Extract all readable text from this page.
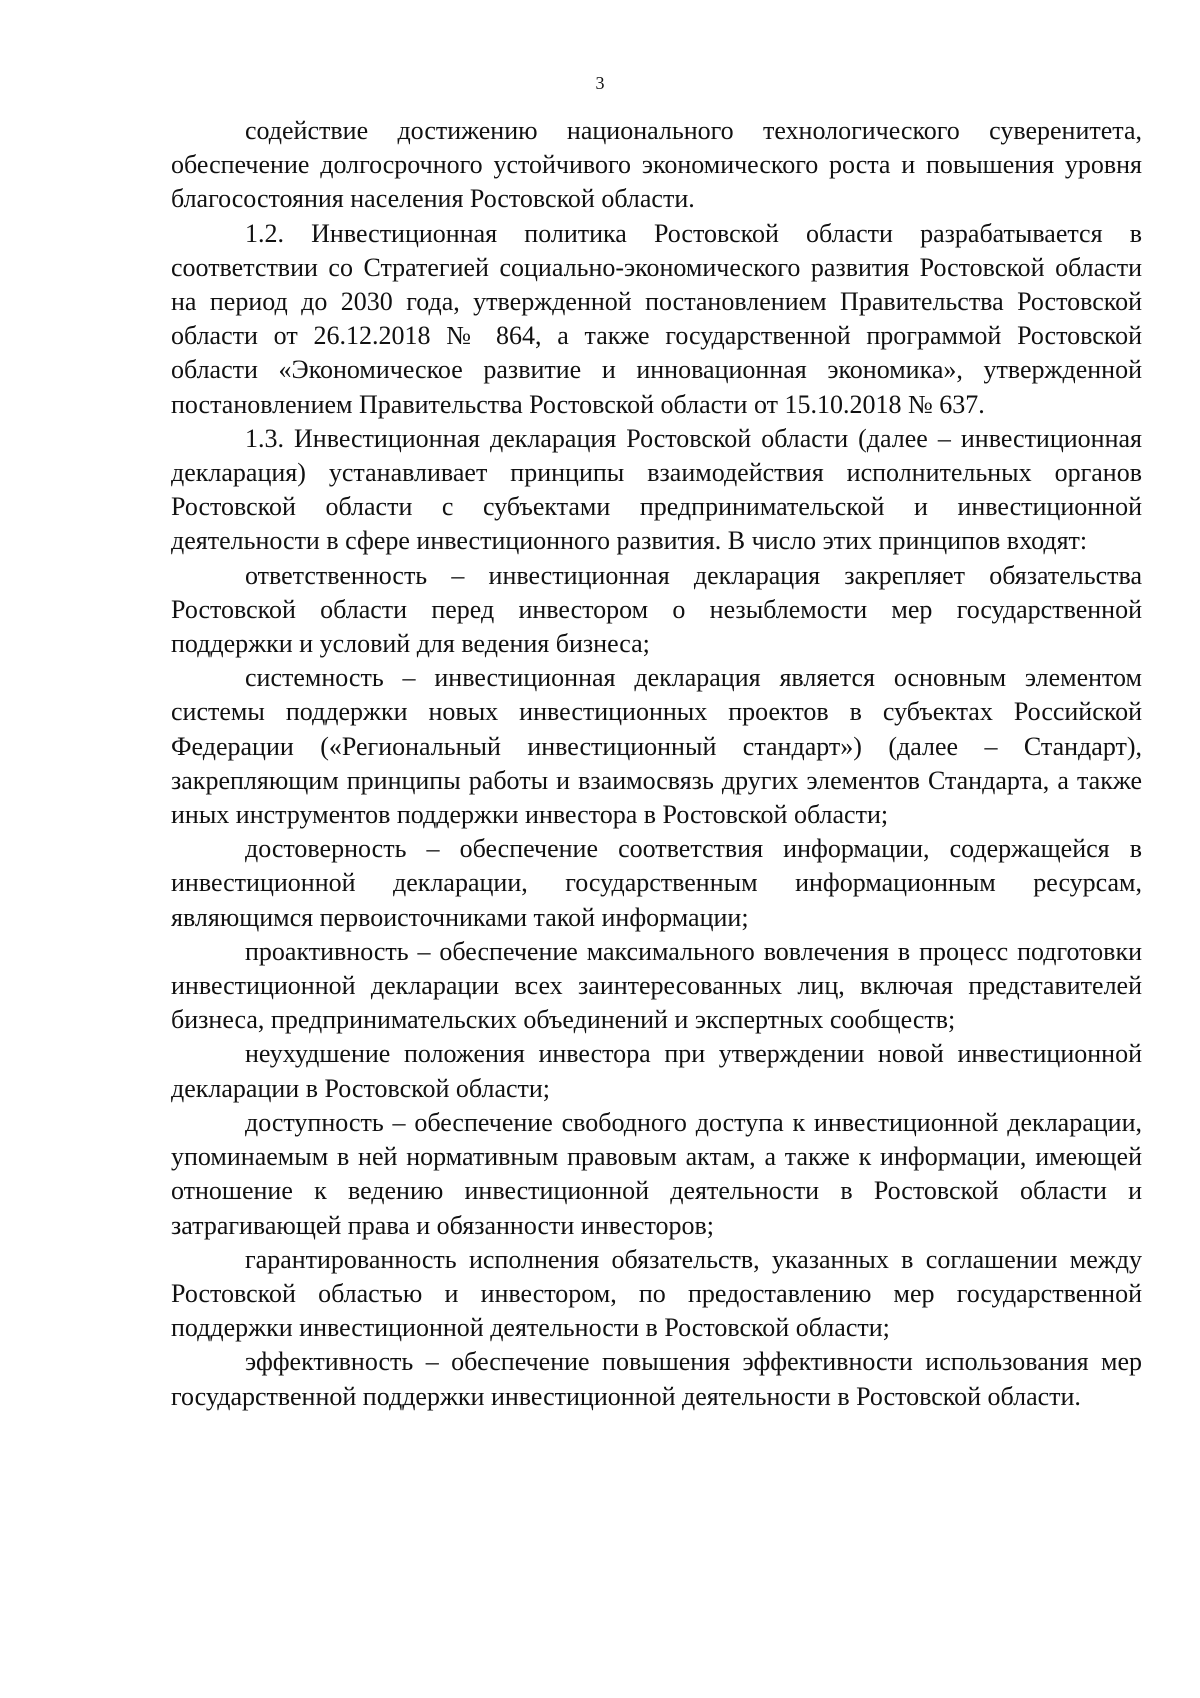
3

содействие достижению национального технологического суверенитета, обеспечение долгосрочного устойчивого экономического роста и повышения уровня благосостояния населения Ростовской области.

1.2. Инвестиционная политика Ростовской области разрабатывается в соответствии со Стратегией социально-экономического развития Ростовской области на период до 2030 года, утвержденной постановлением Правительства Ростовской области от 26.12.2018 № 864, а также государственной программой Ростовской области «Экономическое развитие и инновационная экономика», утвержденной постановлением Правительства Ростовской области от 15.10.2018 № 637.

1.3. Инвестиционная декларация Ростовской области (далее – инвестиционная декларация) устанавливает принципы взаимодействия исполнительных органов Ростовской области с субъектами предпринимательской и инвестиционной деятельности в сфере инвестиционного развития. В число этих принципов входят:

ответственность – инвестиционная декларация закрепляет обязательства Ростовской области перед инвестором о незыблемости мер государственной поддержки и условий для ведения бизнеса;

системность – инвестиционная декларация является основным элементом системы поддержки новых инвестиционных проектов в субъектах Российской Федерации («Региональный инвестиционный стандарт») (далее – Стандарт), закрепляющим принципы работы и взаимосвязь других элементов Стандарта, а также иных инструментов поддержки инвестора в Ростовской области;

достоверность – обеспечение соответствия информации, содержащейся в инвестиционной декларации, государственным информационным ресурсам, являющимся первоисточниками такой информации;

проактивность – обеспечение максимального вовлечения в процесс подготовки инвестиционной декларации всех заинтересованных лиц, включая представителей бизнеса, предпринимательских объединений и экспертных сообществ;

неухудшение положения инвестора при утверждении новой инвестиционной декларации в Ростовской области;

доступность – обеспечение свободного доступа к инвестиционной декларации, упоминаемым в ней нормативным правовым актам, а также к информации, имеющей отношение к ведению инвестиционной деятельности в Ростовской области и затрагивающей права и обязанности инвесторов;

гарантированность исполнения обязательств, указанных в соглашении между Ростовской областью и инвестором, по предоставлению мер государственной поддержки инвестиционной деятельности в Ростовской области;

эффективность – обеспечение повышения эффективности использования мер государственной поддержки инвестиционной деятельности в Ростовской области.
